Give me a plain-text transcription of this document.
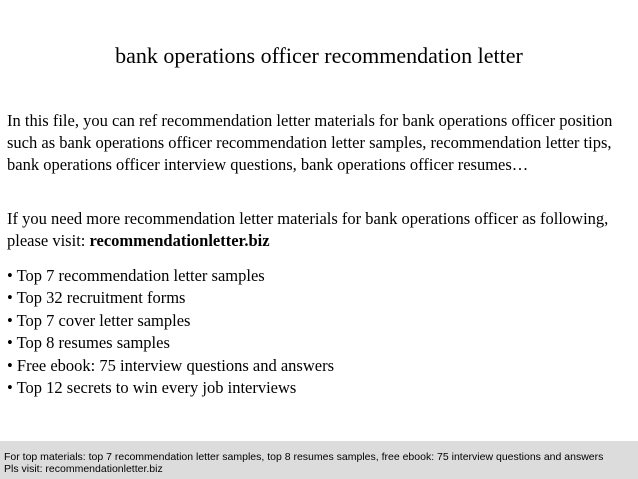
bank operations officer recommendation letter
In this file, you can ref recommendation letter materials for bank operations officer position such as bank operations officer recommendation letter samples, recommendation letter tips, bank operations officer interview questions, bank operations officer resumes…
If you need more recommendation letter materials for bank operations officer as following, please visit: recommendationletter.biz
• Top 7 recommendation letter samples
• Top 32 recruitment forms
• Top 7 cover letter samples
• Top 8 resumes samples
• Free ebook: 75 interview questions and answers
• Top 12 secrets to win every job interviews
For top materials: top 7 recommendation letter samples, top 8 resumes samples, free ebook: 75 interview questions and answers
Pls visit: recommendationletter.biz
